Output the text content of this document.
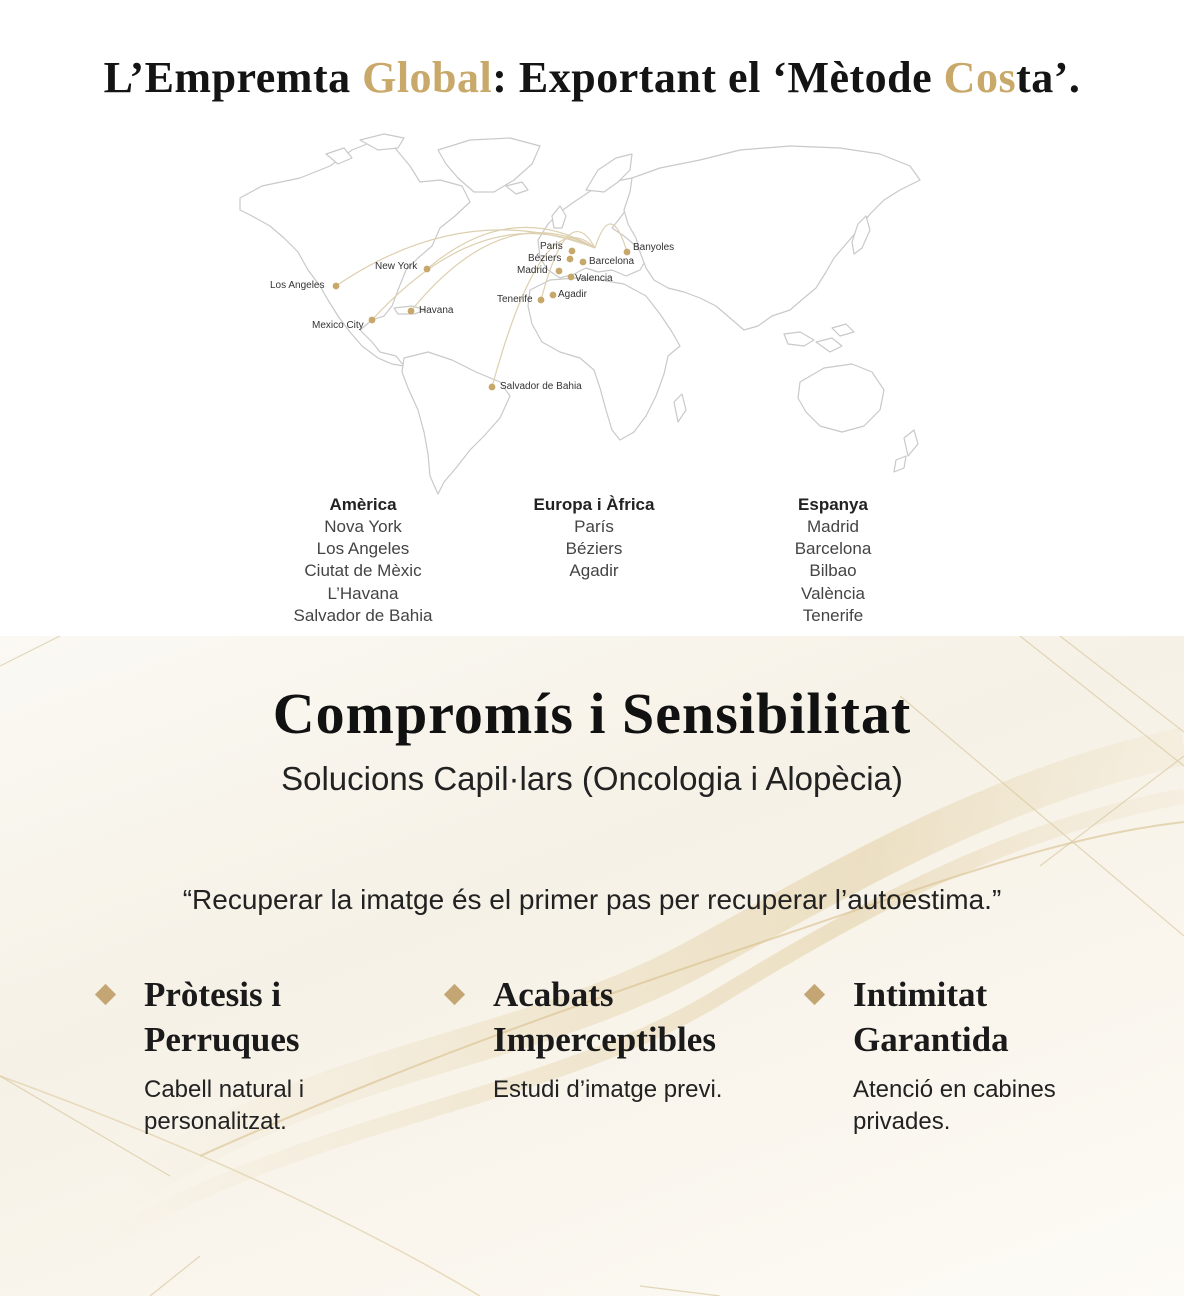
L’Empremta Global: Exportant el ‘Mètode Costa’.
Los Angeles
New York
Havana
Mexico City
Salvador de Bahia
Paris
Béziers
Madrid
Barcelona
Valencia
Banyoles
Tenerife	Agadir
Amèrica
Nova York
Los Angeles
Ciutat de Mèxic
L’Havana
Salvador de Bahia
Europa i Àfrica
París
Béziers
Agadir
Espanya
Madrid
Barcelona
Bilbao
València
Tenerife
Compromís i Sensibilitat
Solucions Capil·lars (Oncologia i Alopècia)
“Recuperar la imatge és el primer pas per recuperar l’autoestima.”
Pròtesis i
Perruques
Cabell natural i
personalitzat.
Acabats
Imperceptibles
Estudi d’imatge previ.
Intimitat
Garantida
Atenció en cabines
privades.
